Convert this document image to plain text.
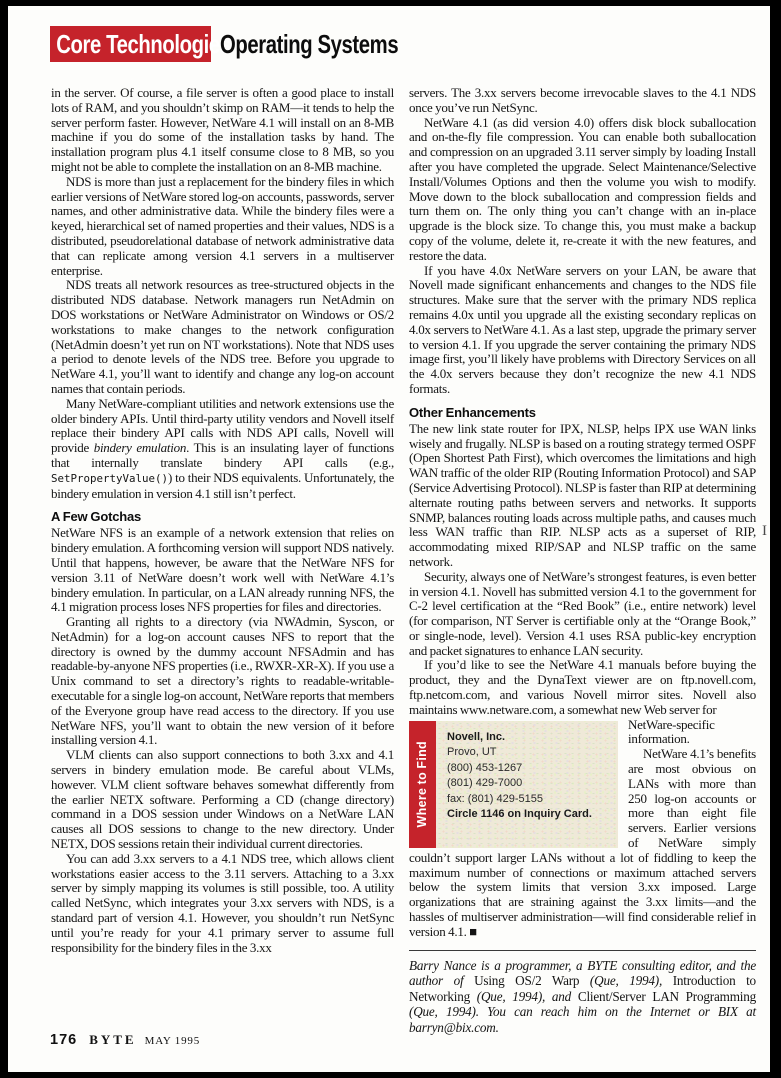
Core Technologies
Operating Systems

in the server. Of course, a file server is often a good place to install lots of RAM, and you shouldn’t skimp on RAM—it tends to help the server perform faster. However, NetWare 4.1 will install on an 8-MB machine if you do some of the installation tasks by hand. The installation program plus 4.1 itself consume close to 8 MB, so you might not be able to complete the installation on an 8-MB machine.

NDS is more than just a replacement for the bindery files in which earlier versions of NetWare stored log-on accounts, passwords, server names, and other administrative data. While the bindery files were a keyed, hierarchical set of named properties and their values, NDS is a distributed, pseudorelational database of network administrative data that can replicate among version 4.1 servers in a multiserver enterprise.

NDS treats all network resources as tree-structured objects in the distributed NDS database. Network managers run NetAdmin on DOS workstations or NetWare Administrator on Windows or OS/2 workstations to make changes to the network configuration (NetAdmin doesn’t yet run on NT workstations). Note that NDS uses a period to denote levels of the NDS tree. Before you upgrade to NetWare 4.1, you’ll want to identify and change any log-on account names that contain periods.

Many NetWare-compliant utilities and network extensions use the older bindery APIs. Until third-party utility vendors and Novell itself replace their bindery API calls with NDS API calls, Novell will provide bindery emulation. This is an insulating layer of functions that internally translate bindery API calls (e.g., SetPropertyValue()) to their NDS equivalents. Unfortunately, the bindery emulation in version 4.1 still isn’t perfect.

A Few Gotchas

NetWare NFS is an example of a network extension that relies on bindery emulation. A forthcoming version will support NDS natively. Until that happens, however, be aware that the NetWare NFS for version 3.11 of NetWare doesn’t work well with NetWare 4.1’s bindery emulation. In particular, on a LAN already running NFS, the 4.1 migration process loses NFS properties for files and directories.

Granting all rights to a directory (via NWAdmin, Syscon, or NetAdmin) for a log-on account causes NFS to report that the directory is owned by the dummy account NFSAdmin and has readable-by-anyone NFS properties (i.e., RWXR-XR-X). If you use a Unix command to set a directory’s rights to readable-writable-executable for a single log-on account, NetWare reports that members of the Everyone group have read access to the directory. If you use NetWare NFS, you’ll want to obtain the new version of it before installing version 4.1.

VLM clients can also support connections to both 3.xx and 4.1 servers in bindery emulation mode. Be careful about VLMs, however. VLM client software behaves somewhat differently from the earlier NETX software. Performing a CD (change directory) command in a DOS session under Windows on a NetWare LAN causes all DOS sessions to change to the new directory. Under NETX, DOS sessions retain their individual current directories.

You can add 3.xx servers to a 4.1 NDS tree, which allows client workstations easier access to the 3.11 servers. Attaching to a 3.xx server by simply mapping its volumes is still possible, too. A utility called NetSync, which integrates your 3.xx servers with NDS, is a standard part of version 4.1. However, you shouldn’t run NetSync until you’re ready for your 4.1 primary server to assume full responsibility for the bindery files in the 3.xx

servers. The 3.xx servers become irrevocable slaves to the 4.1 NDS once you’ve run NetSync.

NetWare 4.1 (as did version 4.0) offers disk block suballocation and on-the-fly file compression. You can enable both suballocation and compression on an upgraded 3.11 server simply by loading Install after you have completed the upgrade. Select Maintenance/Selective Install/Volumes Options and then the volume you wish to modify. Move down to the block suballocation and compression fields and turn them on. The only thing you can’t change with an in-place upgrade is the block size. To change this, you must make a backup copy of the volume, delete it, re-create it with the new features, and restore the data.

If you have 4.0x NetWare servers on your LAN, be aware that Novell made significant enhancements and changes to the NDS file structures. Make sure that the server with the primary NDS replica remains 4.0x until you upgrade all the existing secondary replicas on 4.0x servers to NetWare 4.1. As a last step, upgrade the primary server to version 4.1. If you upgrade the server containing the primary NDS image first, you’ll likely have problems with Directory Services on all the 4.0x servers because they don’t recognize the new 4.1 NDS formats.

Other Enhancements

The new link state router for IPX, NLSP, helps IPX use WAN links wisely and frugally. NLSP is based on a routing strategy termed OSPF (Open Shortest Path First), which overcomes the limitations and high WAN traffic of the older RIP (Routing Information Protocol) and SAP (Service Advertising Protocol). NLSP is faster than RIP at determining alternate routing paths between servers and networks. It supports SNMP, balances routing loads across multiple paths, and causes much less WAN traffic than RIP. NLSP acts as a superset of RIP, accommodating mixed RIP/SAP and NLSP traffic on the same network.

Security, always one of NetWare’s strongest features, is even better in version 4.1. Novell has submitted version 4.1 to the government for C-2 level certification at the “Red Book” (i.e., entire network) level (for comparison, NT Server is certifiable only at the “Orange Book,” or single-node, level). Version 4.1 uses RSA public-key encryption and packet signatures to enhance LAN security.

If you’d like to see the NetWare 4.1 manuals before buying the product, they and the DynaText viewer are on ftp.novell.com, ftp.netcom.com, and various Novell mirror sites. Novell also maintains www.netware.com, a somewhat new Web server for

Where to Find
Novell, Inc.
Provo, UT
(800) 453-1267
(801) 429-7000
fax: (801) 429-5155
Circle 1146 on Inquiry Card.

NetWare-specific information.

NetWare 4.1’s benefits are most obvious on LANs with more than 250 log-on accounts or more than eight file servers. Earlier versions of NetWare simply couldn’t support larger LANs without a lot of fiddling to keep the maximum number of connections or maximum attached servers below the system limits that version 3.xx imposed. Large organizations that are straining against the 3.xx limits—and the hassles of multiserver administration—will find considerable relief in version 4.1. ■

Barry Nance is a programmer, a BYTE consulting editor, and the author of Using OS/2 Warp (Que, 1994), Introduction to Networking (Que, 1994), and Client/Server LAN Programming (Que, 1994). You can reach him on the Internet or BIX at barryn@bix.com.

176 BYTE MAY 1995
I
